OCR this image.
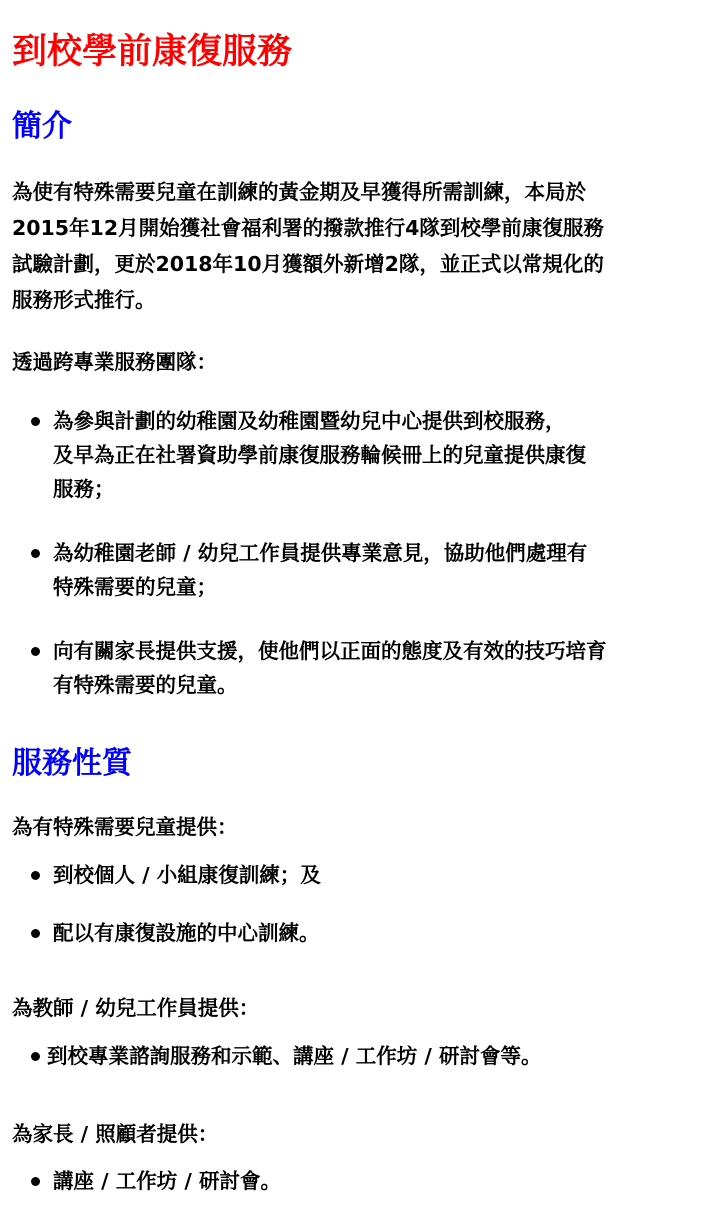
到校學前康復服務
簡介

為使有特殊需要兒童在訓練的黃金期及早獲得所需訓練，本局於
2015年12月開始獲社會福利署的撥款推行4隊到校學前康復服務
試驗計劃，更於2018年10月獲額外新增2隊，並正式以常規化的
服務形式推行。

透過跨專業服務團隊：

為參與計劃的幼稚園及幼稚園暨幼兒中心提供到校服務，
及早為正在社署資助學前康復服務輪候冊上的兒童提供康復
服務；
為幼稚園老師 / 幼兒工作員提供專業意見，協助他們處理有
特殊需要的兒童；
向有關家長提供支援，使他們以正面的態度及有效的技巧培育
有特殊需要的兒童。
服務性質

為有特殊需要兒童提供：

到校個人 / 小組康復訓練；及
配以有康復設施的中心訓練。

為教師 / 幼兒工作員提供：

到校專業諮詢服務和示範、講座 / 工作坊 / 研討會等。

為家長 / 照顧者提供：

講座 / 工作坊 / 研討會。
